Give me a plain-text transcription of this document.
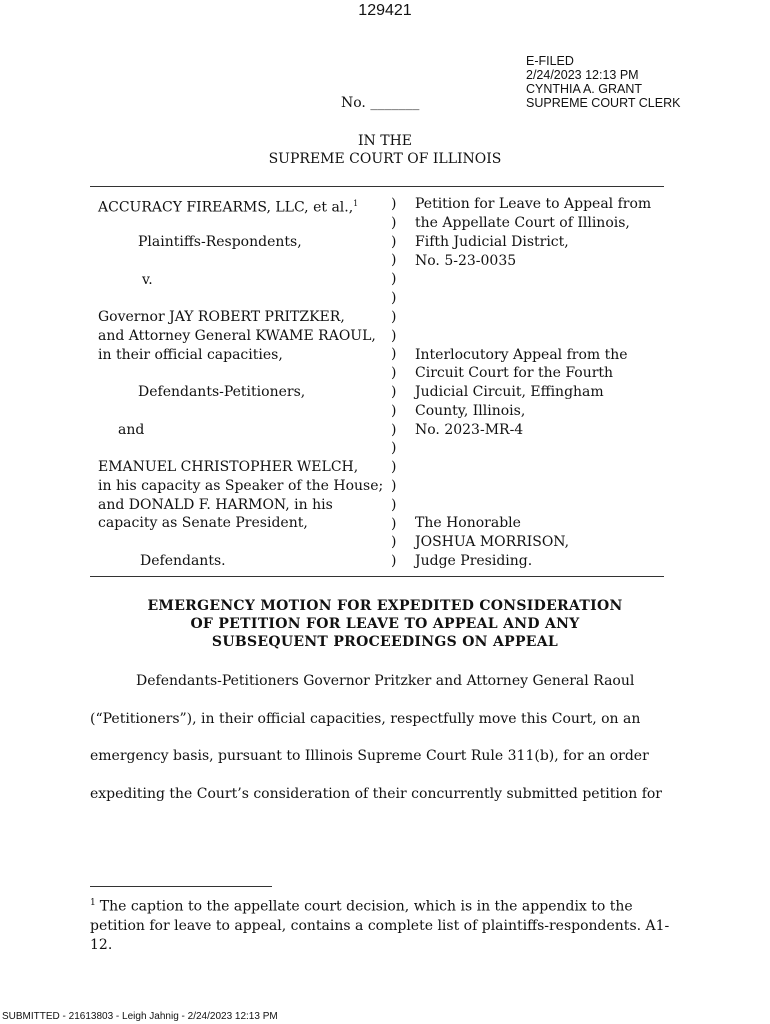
129421
E-FILED
2/24/2023 12:13 PM
CYNTHIA A. GRANT
SUPREME COURT CLERK
No. _______
IN THE
SUPREME COURT OF ILLINOIS
ACCURACY FIREARMS, LLC, et al.,$^1$
Plaintiffs-Respondents,
v.
Governor JAY ROBERT PRITZKER,
and Attorney General KWAME RAOUL,
in their official capacities,
Defendants-Petitioners,
and
EMANUEL CHRISTOPHER WELCH,
in his capacity as Speaker of the House;
and DONALD F. HARMON, in his
capacity as Senate President,
Defendants.
)
)
)
)
)
)
)
)
)
)
)
)
)
)
)
)
)
)
)
)
Petition for Leave to Appeal from
the Appellate Court of Illinois,
Fifth Judicial District,
No. 5-23-0035
Interlocutory Appeal from the
Circuit Court for the Fourth
Judicial Circuit, Effingham
County, Illinois,
No. 2023-MR-4
The Honorable
JOSHUA MORRISON,
Judge Presiding.
EMERGENCY MOTION FOR EXPEDITED CONSIDERATION
OF PETITION FOR LEAVE TO APPEAL AND ANY
SUBSEQUENT PROCEEDINGS ON APPEAL
Defendants-Petitioners Governor Pritzker and Attorney General Raoul
(“Petitioners”), in their official capacities, respectfully move this Court, on an
emergency basis, pursuant to Illinois Supreme Court Rule 311(b), for an order
expediting the Court’s consideration of their concurrently submitted petition for
$^1$ The caption to the appellate court decision, which is in the appendix to the petition for leave to appeal, contains a complete list of plaintiffs-respondents. A1-12.
SUBMITTED - 21613803 - Leigh Jahnig - 2/24/2023 12:13 PM
